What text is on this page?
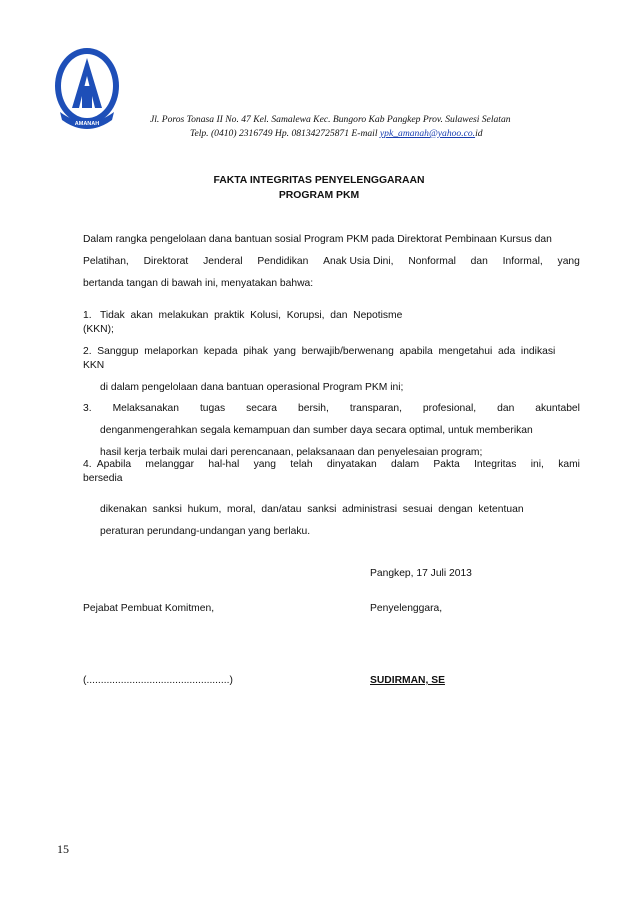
AMANAH	Jl. Poros Tonasa II No. 47 Kel. Samalewa Kec. Bungoro Kab Pangkep Prov. Sulawesi Selatan
Telp. (0410) 2316749 Hp. 081342725871 E-mail ypk_amanah@yahoo.co.id
FAKTA INTEGRITAS PENYELENGGARAAN
PROGRAM PKM
Dalam rangka pengelolaan dana bantuan sosial Program PKM pada Direktorat Pembinaan Kursus dan
Pelatihan, Direktorat Jenderal Pendidikan Anak Usia Dini, Nonformal dan Informal, yang
bertanda tangan di bawah ini, menyatakan bahwa:
1.   Tidak  akan  melakukan  praktik  Kolusi,  Korupsi,  dan  Nepotisme
(KKN);
2.  Sanggup  melaporkan  kepada  pihak  yang  berwajib/berwenang  apabila  mengetahui  ada  indikasi
KKN
di dalam pengelolaan dana bantuan operasional Program PKM ini;
3. Melaksanakan tugas secara bersih, transparan, profesional, dan akuntabel
denganmengerahkan segala kemampuan dan sumber daya secara optimal, untuk memberikan
hasil kerja terbaik mulai dari perencanaan, pelaksanaan dan penyelesaian program;
4.  Apabila melanggar hal-hal yang telah dinyatakan dalam Pakta Integritas ini, kami
bersedia
dikenakan  sanksi  hukum,  moral,  dan/atau  sanksi  administrasi  sesuai  dengan  ketentuan
peraturan perundang-undangan yang berlaku.
Pangkep, 17 Juli 2013
Pejabat Pembuat Komitmen,	Penyelenggara,
(..................................................)	SUDIRMAN, SE
15
